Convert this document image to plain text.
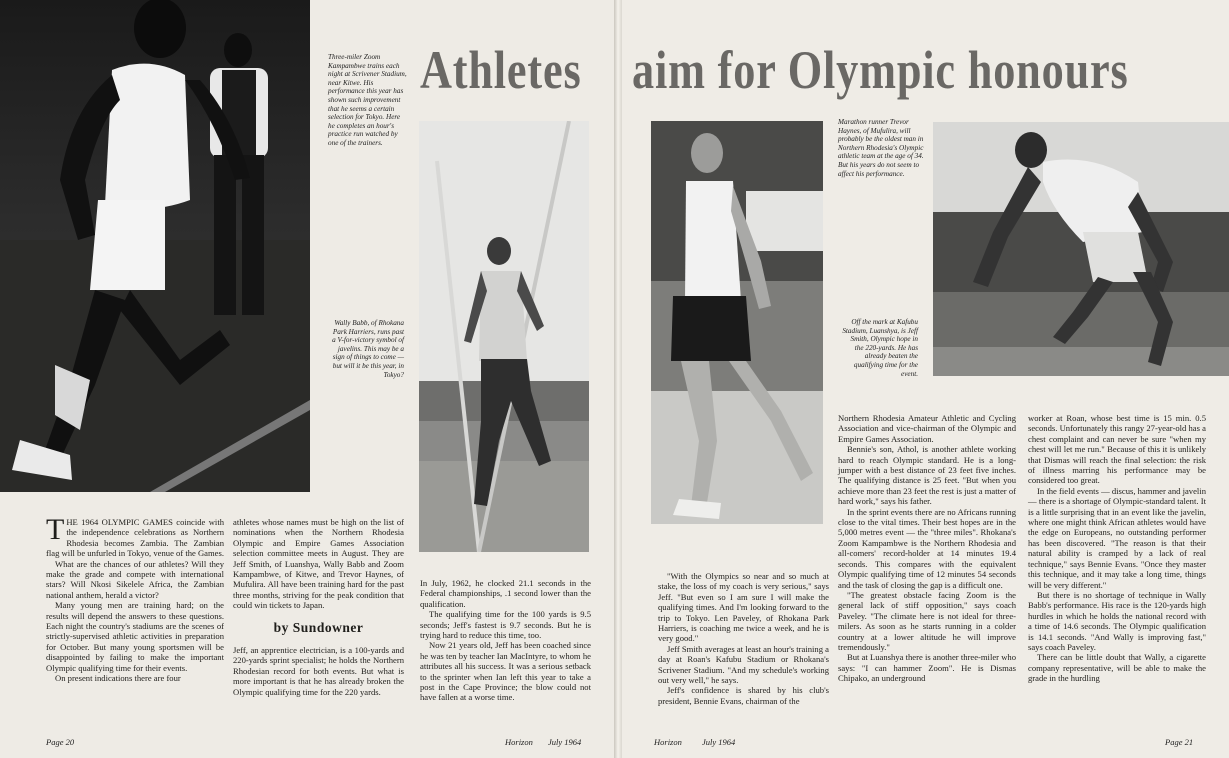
Three-miler Zoom Kampambwe trains each night at Scrivener Stadium, near Kitwe. His performance this year has shown such improvement that he seems a certain selection for Tokyo. Here he completes an hour's practice run watched by one of the trainers.
Athletes
Wally Babb, of Rhokana Park Harriers, runs past a V-for-victory symbol of javelins. This may be a sign of things to come — but will it be this year, in Tokyo?

THE 1964 OLYMPIC GAMES coincide with the independence celebrations as Northern Rhodesia becomes Zambia. The Zambian flag will be unfurled in Tokyo, venue of the Games.

What are the chances of our athletes? Will they make the grade and compete with international stars? Will Nkosi Sikelele Africa, the Zambian national anthem, herald a victor?

Many young men are training hard; on the results will depend the answers to these questions. Each night the country's stadiums are the scenes of strictly-supervised athletic activities in preparation for October. But many young sportsmen will be disappointed by failing to make the important Olympic qualifying time for their events.

On present indications there are four

athletes whose names must be high on the list of nominations when the Northern Rhodesia Olympic and Empire Games Association selection committee meets in August. They are Jeff Smith, of Luanshya, Wally Babb and Zoom Kampambwe, of Kitwe, and Trevor Haynes, of Mufulira. All have been training hard for the past three months, striving for the peak condition that could win tickets to Japan.

by Sundowner

Jeff, an apprentice electrician, is a 100-yards and 220-yards sprint specialist; he holds the Northern Rhodesian record for both events. But what is more important is that he has already broken the Olympic qualifying time for the 220 yards.

In July, 1962, he clocked 21.1 seconds in the Federal championships, .1 second lower than the qualification.

The qualifying time for the 100 yards is 9.5 seconds; Jeff's fastest is 9.7 seconds. But he is trying hard to reduce this time, too.

Now 21 years old, Jeff has been coached since he was ten by teacher Ian MacIntyre, to whom he attributes all his success. It was a serious setback to the sprinter when Ian left this year to take a post in the Cape Province; the blow could not have fallen at a worse time.

Page 20	Horizon July 1964
aim for Olympic honours
Marathon runner Trevor Haynes, of Mufulira, will probably be the oldest man in Northern Rhodesia's Olympic athletic team at the age of 34. But his years do not seem to affect his performance.
Off the mark at Kafubu Stadium, Luanshya, is Jeff Smith, Olympic hope in the 220-yards. He has already beaten the qualifying time for the event.

"With the Olympics so near and so much at stake, the loss of my coach is very serious," says Jeff. "But even so I am sure I will make the qualifying times. And I'm looking forward to the trip to Tokyo. Len Paveley, of Rhokana Park Harriers, is coaching me twice a week, and he is very good."

Jeff Smith averages at least an hour's training a day at Roan's Kafubu Stadium or Rhokana's Scrivener Stadium. "And my schedule's working out very well," he says.

Jeff's confidence is shared by his club's president, Bennie Evans, chairman of the

Northern Rhodesia Amateur Athletic and Cycling Association and vice-chairman of the Olympic and Empire Games Association.

Bennie's son, Athol, is another athlete working hard to reach Olympic standard. He is a long-jumper with a best distance of 23 feet five inches. The qualifying distance is 25 feet. "But when you achieve more than 23 feet the rest is just a matter of hard work," says his father.

In the sprint events there are no Africans running close to the vital times. Their best hopes are in the 5,000 metres event — the "three miles". Rhokana's Zoom Kampambwe is the Northern Rhodesia and all-comers' record-holder at 14 minutes 19.4 seconds. This compares with the equivalent Olympic qualifying time of 12 minutes 54 seconds and the task of closing the gap is a difficult one.

"The greatest obstacle facing Zoom is the general lack of stiff opposition," says coach Paveley. "The climate here is not ideal for three-milers. As soon as he starts running in a colder country at a lower altitude he will improve tremendously."

But at Luanshya there is another three-miler who says: "I can hammer Zoom". He is Dismas Chipako, an underground

worker at Roan, whose best time is 15 min. 0.5 seconds. Unfortunately this rangy 27-year-old has a chest complaint and can never be sure "when my chest will let me run." Because of this it is unlikely that Dismas will reach the final selection: the risk of illness marring his performance may be considered too great.

In the field events — discus, hammer and javelin — there is a shortage of Olympic-standard talent. It is a little surprising that in an event like the javelin, where one might think African athletes would have the edge on Europeans, no outstanding performer has been discovered. "The reason is that their natural ability is cramped by a lack of real technique," says Bennie Evans. "Once they master this technique, and it may take a long time, things will be very different."

But there is no shortage of technique in Wally Babb's performance. His race is the 120-yards high hurdles in which he holds the national record with a time of 14.6 seconds. The Olympic qualification is 14.1 seconds. "And Wally is improving fast," says coach Paveley.

There can be little doubt that Wally, a cigarette company representative, will be able to make the grade in the hurdling

Horizon July 1964	Page 21
